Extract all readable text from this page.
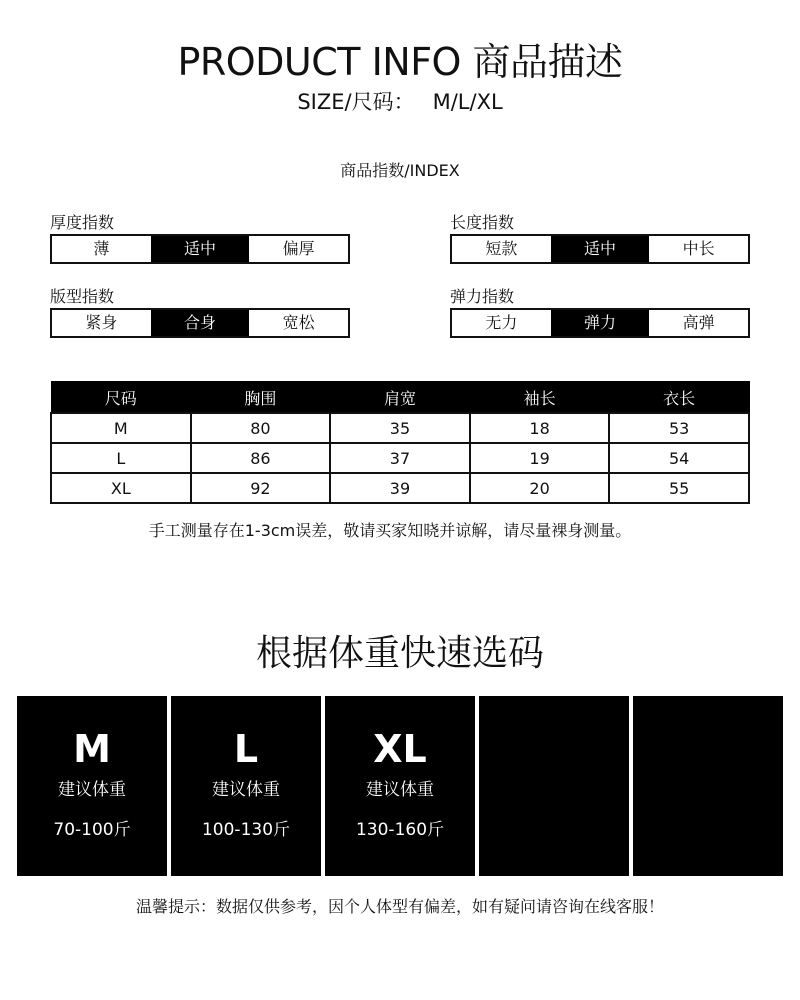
PRODUCT INFO 商品描述
SIZE/尺码： M/L/XL
商品指数/INDEX
厚度指数
薄	适中	偏厚
长度指数
短款	适中	中长
版型指数
紧身	合身	宽松
弹力指数
无力	弹力	高弹
尺码	胸围	肩宽	袖长	衣长
M	80	35	18	53
L	86	37	19	54
XL	92	39	20	55
手工测量存在1-3cm误差，敬请买家知晓并谅解，请尽量裸身测量。
根据体重快速选码
M
建议体重
70-100斤
L
建议体重
100-130斤
XL
建议体重
130-160斤
温馨提示：数据仅供参考，因个人体型有偏差，如有疑问请咨询在线客服！
